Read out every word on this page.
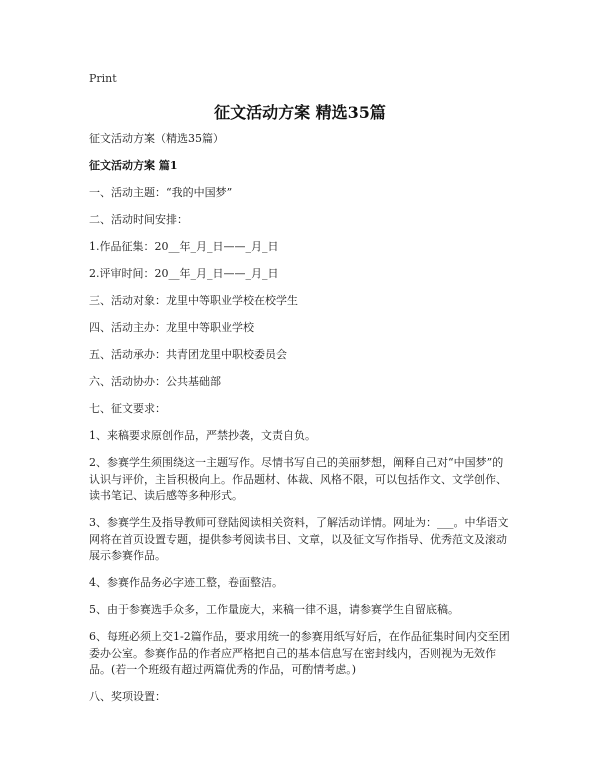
Print
征文活动方案 精选35篇

征文活动方案（精选35篇）

征文活动方案 篇1

一、活动主题：“我的中国梦”

二、活动时间安排：

1.作品征集：20__年_月_日——_月_日

2.评审时间：20__年_月_日——_月_日

三、活动对象：龙里中等职业学校在校学生

四、活动主办：龙里中等职业学校

五、活动承办：共青团龙里中职校委员会

六、活动协办：公共基础部

七、征文要求：

1、来稿要求原创作品，严禁抄袭，文责自负。

2、参赛学生须围绕这一主题写作。尽情书写自己的美丽梦想，阐释自己对“中国梦”的认识与评价，主旨积极向上。作品题材、体裁、风格不限，可以包括作文、文学创作、读书笔记、读后感等多种形式。

3、参赛学生及指导教师可登陆阅读相关资料，了解活动详情。网址为：___。中华语文网将在首页设置专题，提供参考阅读书目、文章，以及征文写作指导、优秀范文及滚动展示参赛作品。

4、参赛作品务必字迹工整，卷面整洁。

5、由于参赛选手众多，工作量庞大，来稿一律不退，请参赛学生自留底稿。

6、每班必须上交1-2篇作品，要求用统一的参赛用纸写好后，在作品征集时间内交至团委办公室。参赛作品的作者应严格把自己的基本信息写在密封线内，否则视为无效作品。(若一个班级有超过两篇优秀的作品，可酌情考虑。)

八、奖项设置：
